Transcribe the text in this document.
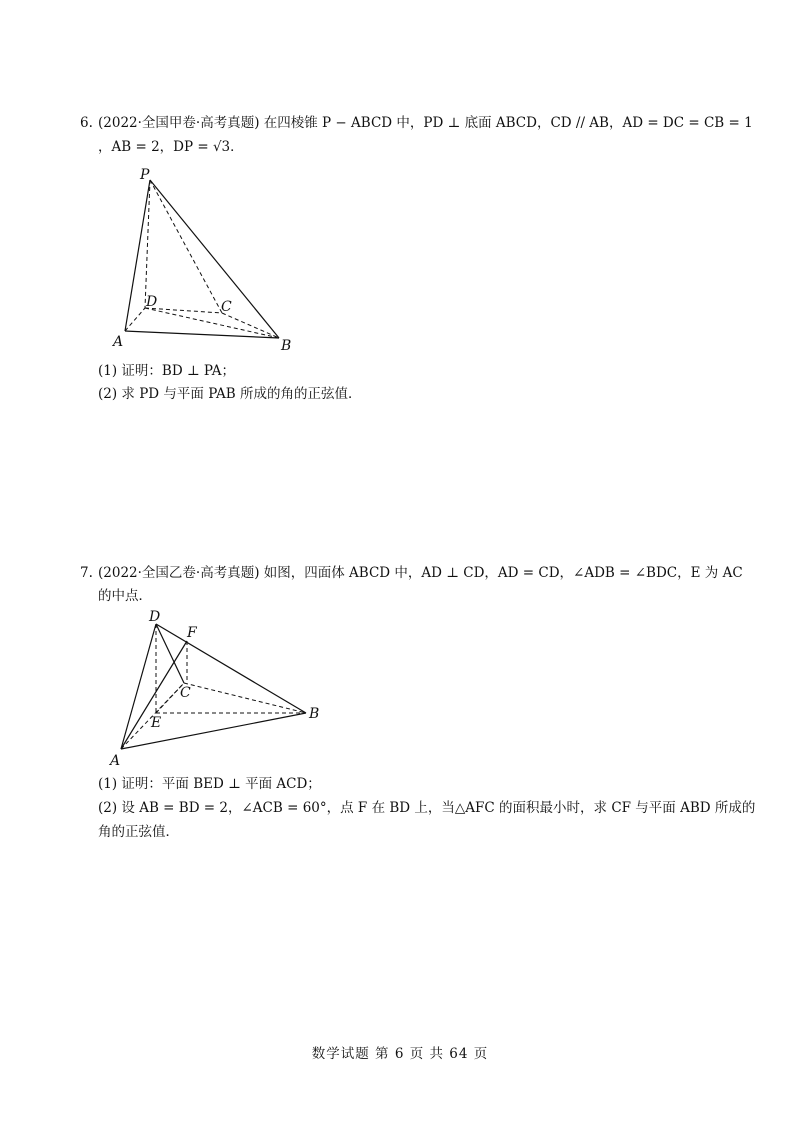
6. (2022·全国甲卷·高考真题) 在四棱锥 P − ABCD 中，PD ⊥ 底面 ABCD，CD // AB，AD = DC = CB = 1
，AB = 2，DP = √3．
P
D	C
A	B
D
F
C
E
B
A
(1) 证明：BD ⊥ PA；
(2) 求 PD 与平面 PAB 所成的角的正弦值．
7. (2022·全国乙卷·高考真题) 如图，四面体 ABCD 中，AD ⊥ CD，AD = CD，∠ADB = ∠BDC，E 为 AC
的中点．
(1) 证明：平面 BED ⊥ 平面 ACD；
(2) 设 AB = BD = 2，∠ACB = 60°，点 F 在 BD 上，当△AFC 的面积最小时，求 CF 与平面 ABD 所成的
角的正弦值．
数学试题 第 6 页 共 64 页
